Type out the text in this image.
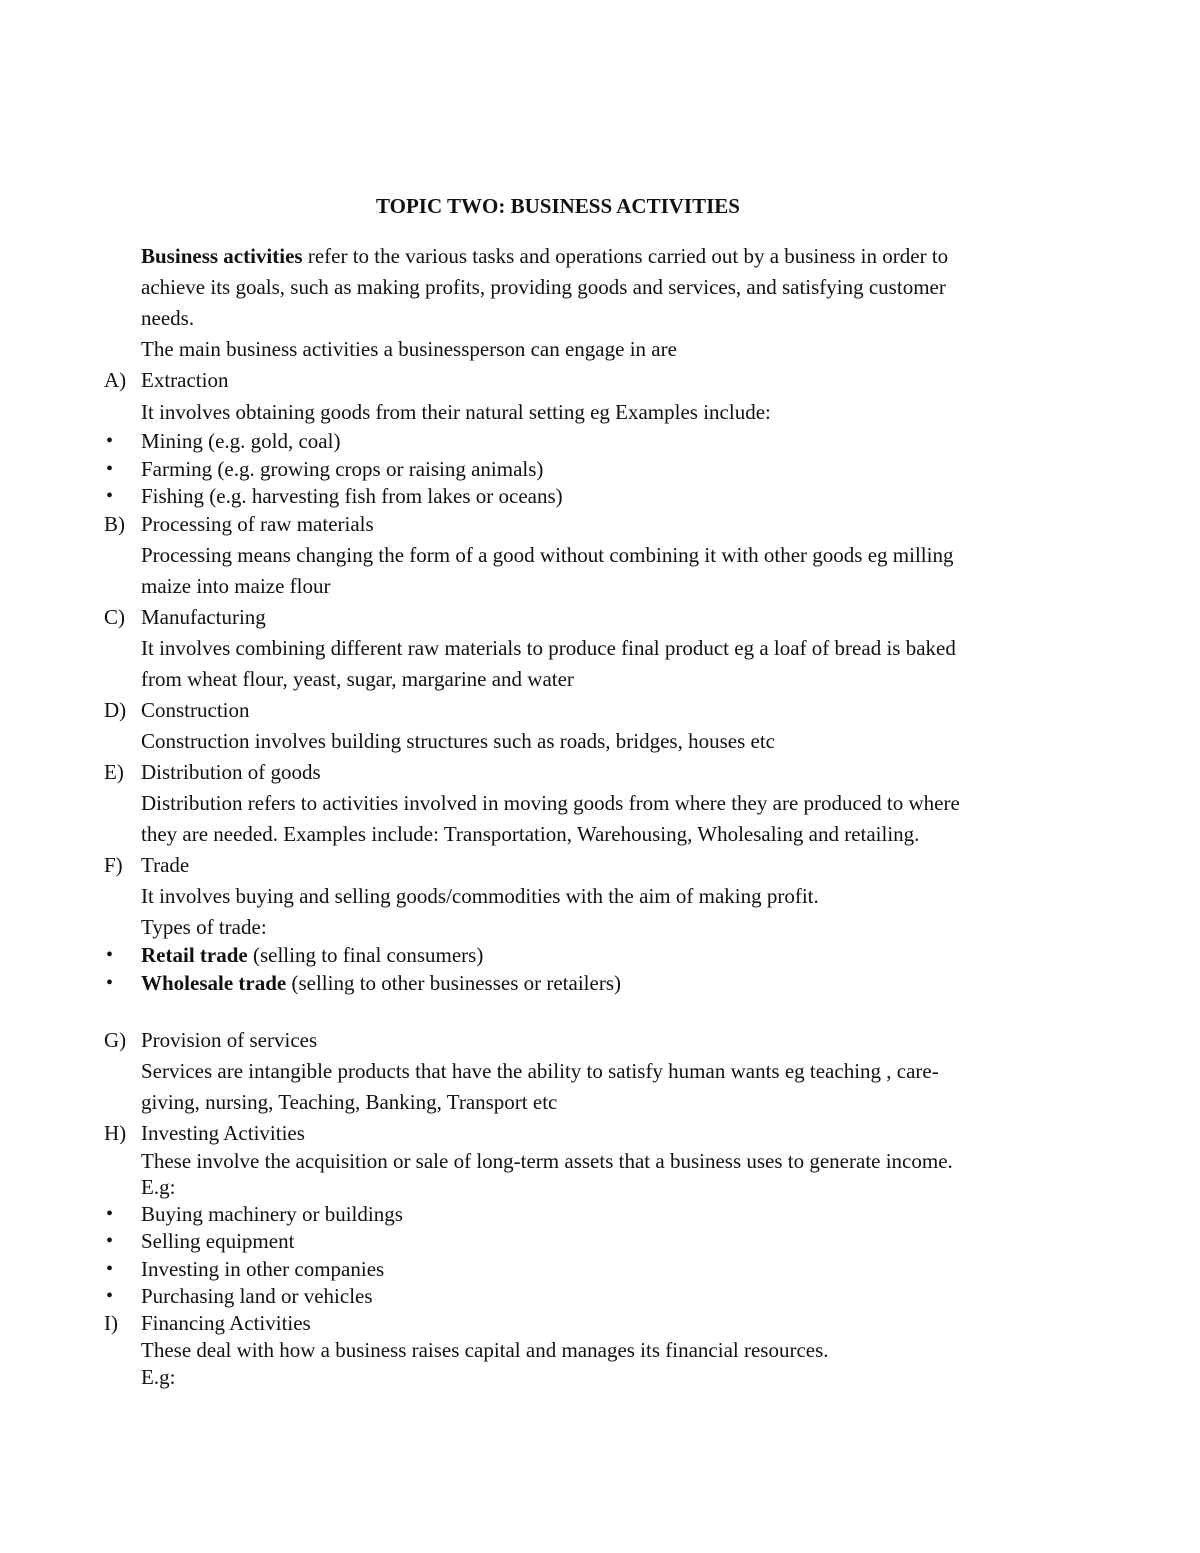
TOPIC TWO: BUSINESS ACTIVITIES
Business activities refer to the various tasks and operations carried out by a business in order to
achieve its goals, such as making profits, providing goods and services, and satisfying customer
needs.
The main business activities a businessperson can engage in are
A) Extraction
It involves obtaining goods from their natural setting eg Examples include:
• Mining (e.g. gold, coal)
• Farming (e.g. growing crops or raising animals)
• Fishing (e.g. harvesting fish from lakes or oceans)
B) Processing of raw materials
Processing means changing the form of a good without combining it with other goods eg milling
maize into maize flour
C) Manufacturing
It involves combining different raw materials to produce final product eg a loaf of bread is baked
from wheat flour, yeast, sugar, margarine and water
D) Construction
Construction involves building structures such as roads, bridges, houses etc
E) Distribution of goods
Distribution refers to activities involved in moving goods from where they are produced to where
they are needed. Examples include: Transportation, Warehousing, Wholesaling and retailing.
F) Trade
It involves buying and selling goods/commodities with the aim of making profit.
Types of trade:
• Retail trade (selling to final consumers)
• Wholesale trade (selling to other businesses or retailers)
G) Provision of services
Services are intangible products that have the ability to satisfy human wants eg teaching , care-
giving, nursing, Teaching, Banking, Transport etc
H) Investing Activities
These involve the acquisition or sale of long-term assets that a business uses to generate income.
E.g:
• Buying machinery or buildings
• Selling equipment
• Investing in other companies
• Purchasing land or vehicles
I) Financing Activities
These deal with how a business raises capital and manages its financial resources.
E.g:
